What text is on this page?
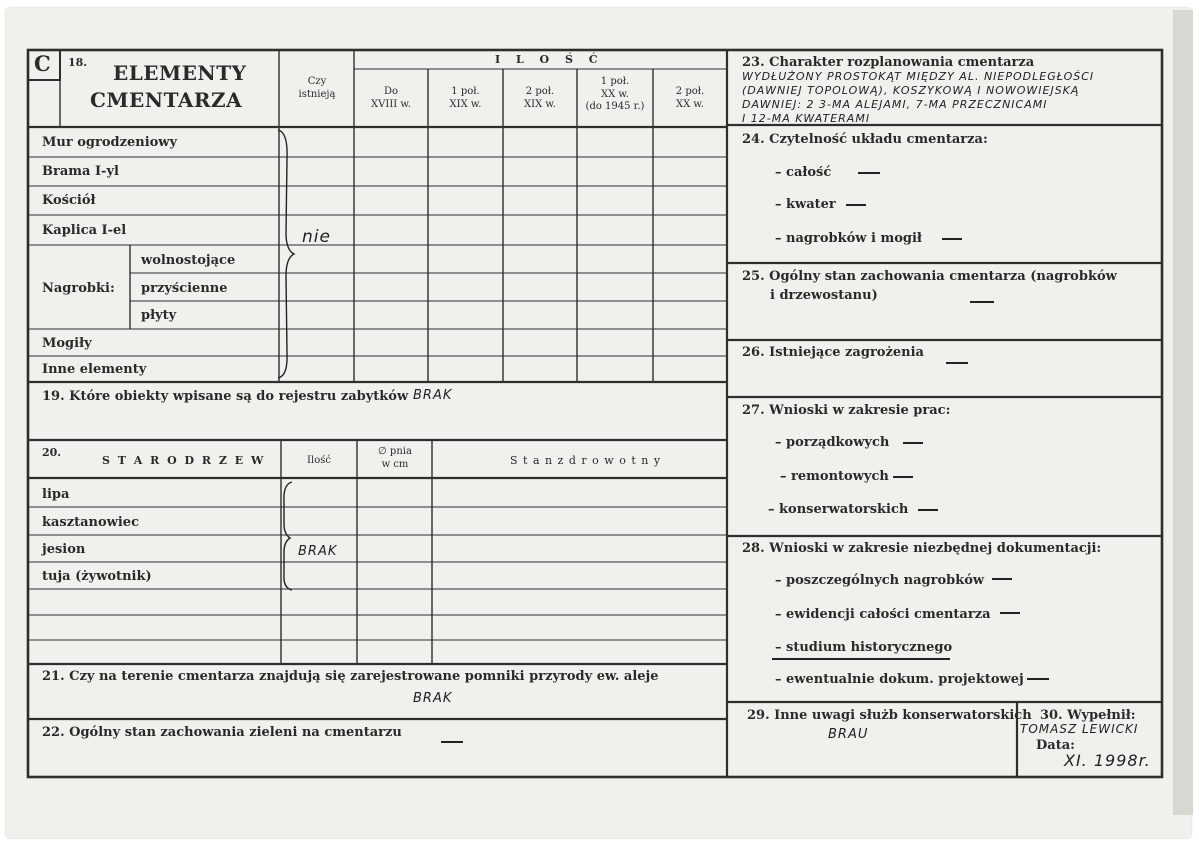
C 18. ELEMENTY
CMENTARZA
Czy
istnieją
I L O Ś Ć
Do
XVIII w.
1 poł.
XIX w.
2 poł.
XIX w.
1 poł.
XX w.
(do 1945 r.)
2 poł.
XX w.
Mur ogrodzeniowy
Brama I-yl
Kościół
Kaplica I-el
Nagrobki:
wolnostojące
przyścienne
płyty
Mogiły
Inne elementy
nie
19. Które obiekty wpisane są do rejestru zabytków BRAK
20.
S T A R O D R Z E W	Ilość
∅ pnia
w cm	S t a n z d r o w o t n y
lipa
kasztanowiec
jesion
tuja (żywotnik)
BRAK
21. Czy na terenie cmentarza znajdują się zarejestrowane pomniki przyrody ew. aleje
BRAK
22. Ogólny stan zachowania zieleni na cmentarzu
23. Charakter rozplanowania cmentarza
WYDŁUŻONY PROSTOKĄT MIĘDZY AL. NIEPODLEGŁOŚCI
(DAWNIEJ TOPOLOWĄ), KOSZYKOWĄ I NOWOWIEJSKĄ
DAWNIEJ: 2 3-MA ALEJAMI, 7-MA PRZECZNICAMI
I 12-MA KWATERAMI
24. Czytelność układu cmentarza:
– całość
– kwater
– nagrobków i mogił
25. Ogólny stan zachowania cmentarza (nagrobków
i drzewostanu)
26. Istniejące zagrożenia
27. Wnioski w zakresie prac:
– porządkowych
– remontowych
– konserwatorskich
28. Wnioski w zakresie niezbędnej dokumentacji:
– poszczególnych nagrobków
– ewidencji całości cmentarza
– studium historycznego
– ewentualnie dokum. projektowej
29. Inne uwagi służb konserwatorskich
BRAU
30. Wypełnił:
TOMASZ LEWICKI
Data:
XI. 1998r.
